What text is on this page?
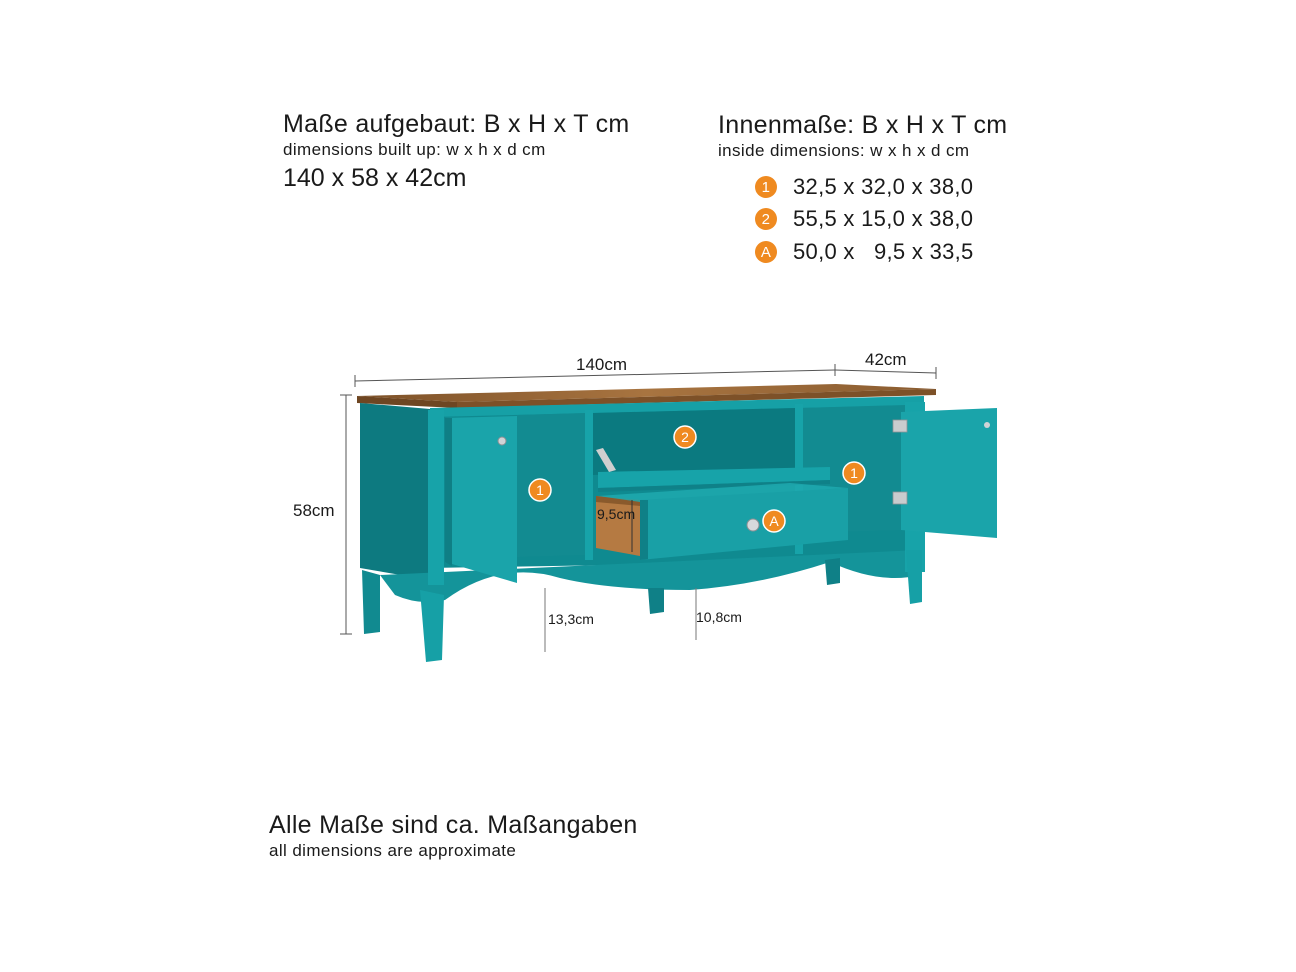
Maße aufgebaut: B x H x T cm
dimensions built up: w x h x d cm
140 x 58 x 42cm
Innenmaße: B x H x T cm
inside dimensions: w x h x d cm
1	32,5 x 32,0 x 38,0
2	55,5 x 15,0 x 38,0
A 50,0 x   9,5 x 33,5
140cm	42cm
58cm	9,5cm
13,3cm	10,8cm
1
2
1
A
Alle Maße sind ca. Maßangaben
all dimensions are approximate
